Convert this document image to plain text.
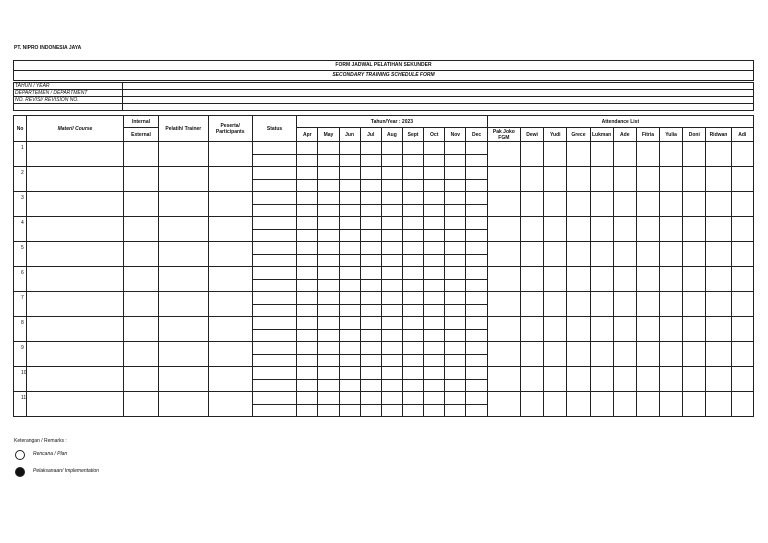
PT. NIPRO INDONESIA JAYA
FORM JADWAL PELATIHAN SEKUNDER
SECONDARY TRAINING SCHEDULE FORM
TAHUN / YEAR	
DEPARTEMEN / DEPARTMENT	
NO. REVISI/ REVISION NO.	

No	Materi/ Course	Internal	Pelatih/ Trainer	Peserta/ Participants	Status	Tahun/Year : 2023									Attendance List										
		External				Apr	May	Jun	Jul	Aug	Sept	Oct	Nov	Dec	Pak Joko FGM	Dewi	Yudi	Grece	Lukman	Ade	Fitria	Yulia	Doni	Ridwan	Adi
1																									

2																									

3																									

4																									

5																									

6																									

7																									

8																									

9																									

10																									

11																									

Keterangan / Remarks :
Rencana / Plan
Pelaksanaan/ Implementation
